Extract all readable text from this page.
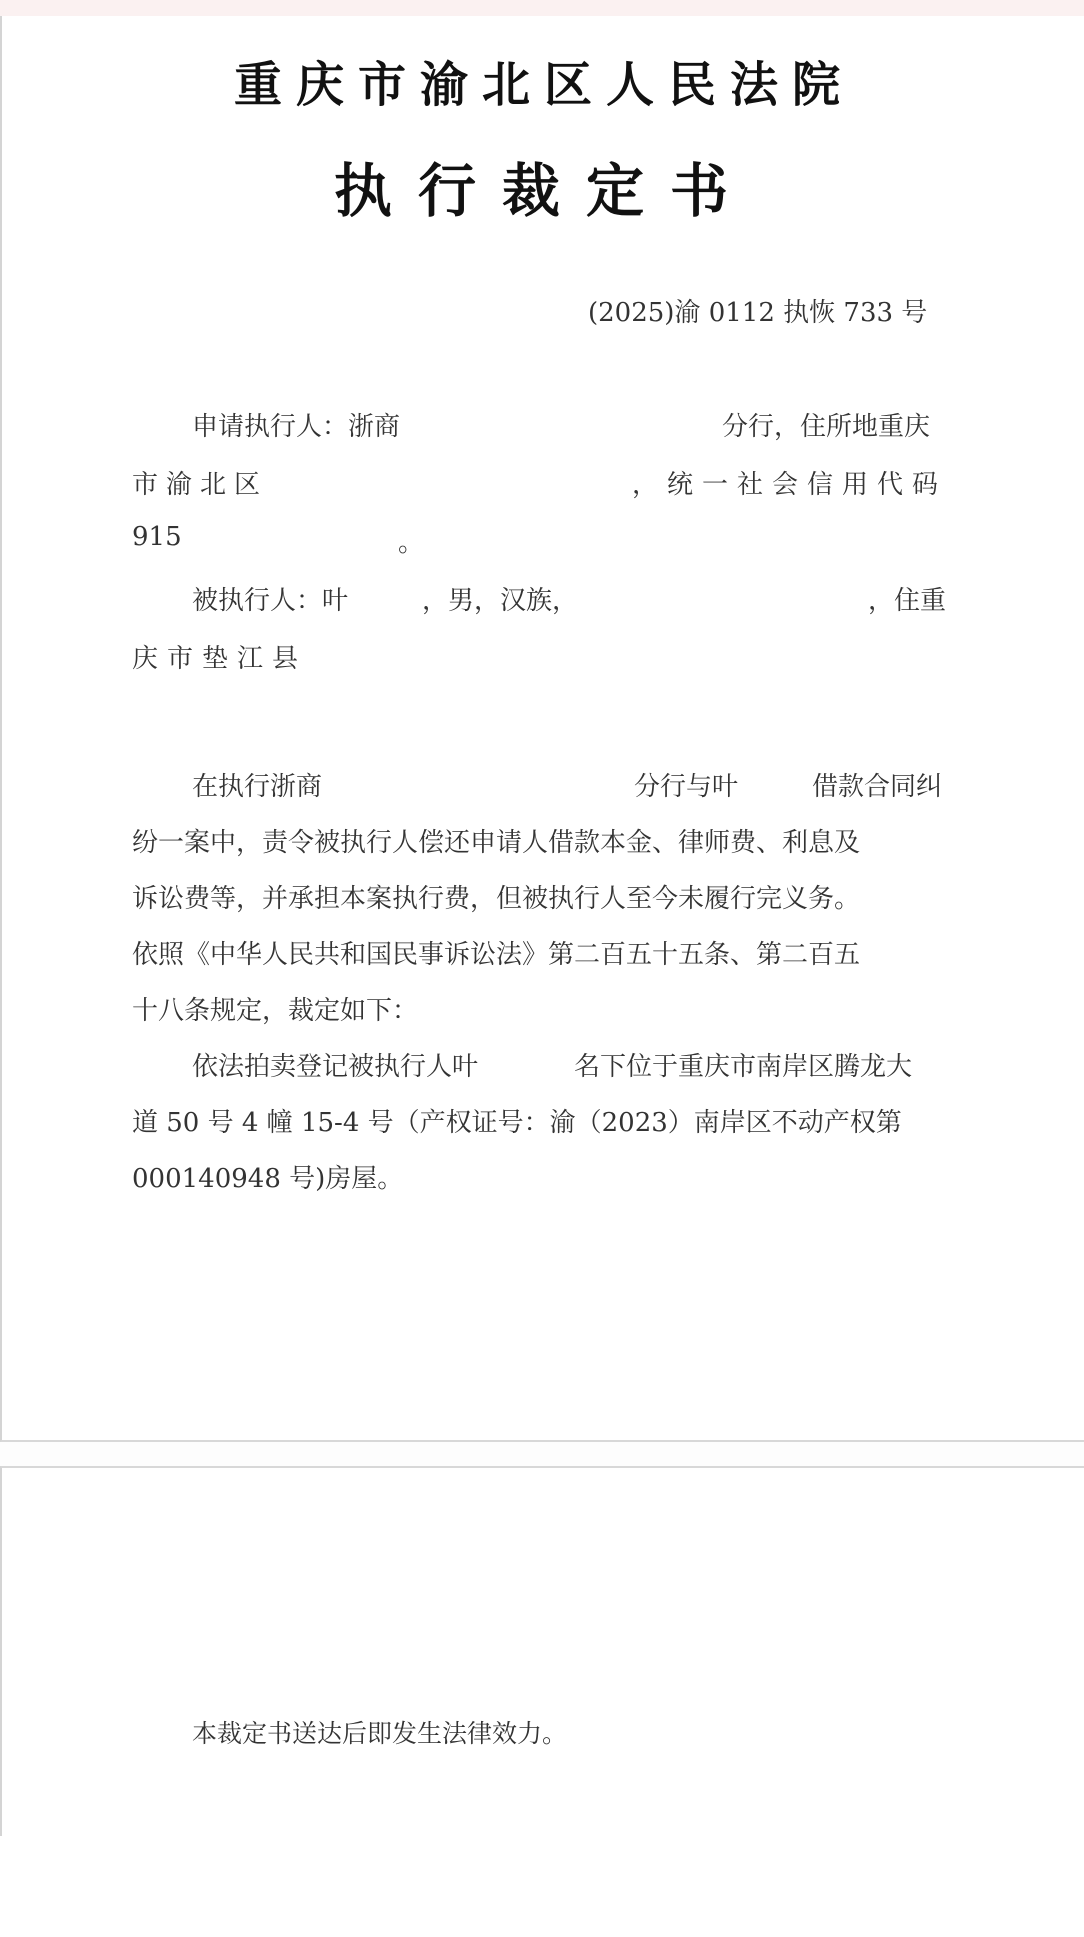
重庆市渝北区人民法院
执行裁定书
(2025)渝 0112 执恢 733 号
申请执行人：浙商	分行，住所地重庆
市渝北区	，统一社会信用代码
915	。
被执行人：叶	，男，汉族，	，住重
庆市垫江县
在执行浙商	分行与叶	借款合同纠
纷一案中，责令被执行人偿还申请人借款本金、律师费、利息及
诉讼费等，并承担本案执行费，但被执行人至今未履行完义务。
依照《中华人民共和国民事诉讼法》第二百五十五条、第二百五
十八条规定，裁定如下：
依法拍卖登记被执行人叶	名下位于重庆市南岸区腾龙大
道 50 号 4 幢 15-4 号（产权证号：渝（2023）南岸区不动产权第
000140948 号)房屋。
本裁定书送达后即发生法律效力。
